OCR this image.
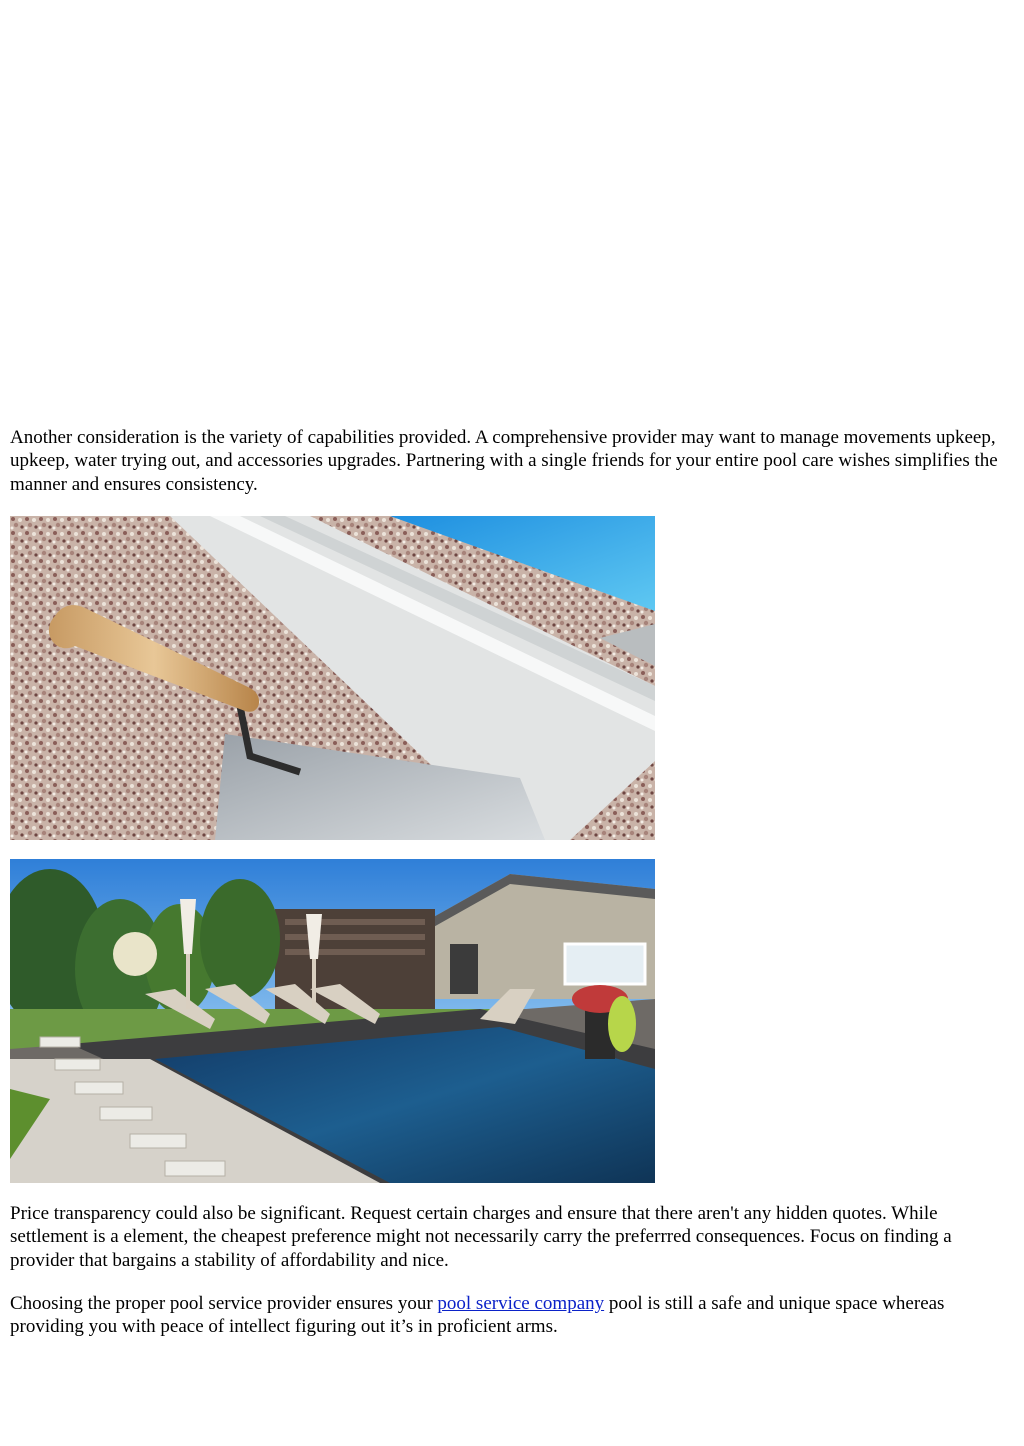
Another consideration is the variety of capabilities provided. A comprehensive provider may want to manage movements upkeep, upkeep, water trying out, and accessories upgrades. Partnering with a single friends for your entire pool care wishes simplifies the manner and ensures consistency.

Price transparency could also be significant. Request certain charges and ensure that there aren't any hidden quotes. While settlement is a element, the cheapest preference might not necessarily carry the preferrred consequences. Focus on finding a provider that bargains a stability of affordability and nice.

Choosing the proper pool service provider ensures your pool service company pool is still a safe and unique space whereas providing you with peace of intellect figuring out it’s in proficient arms.
